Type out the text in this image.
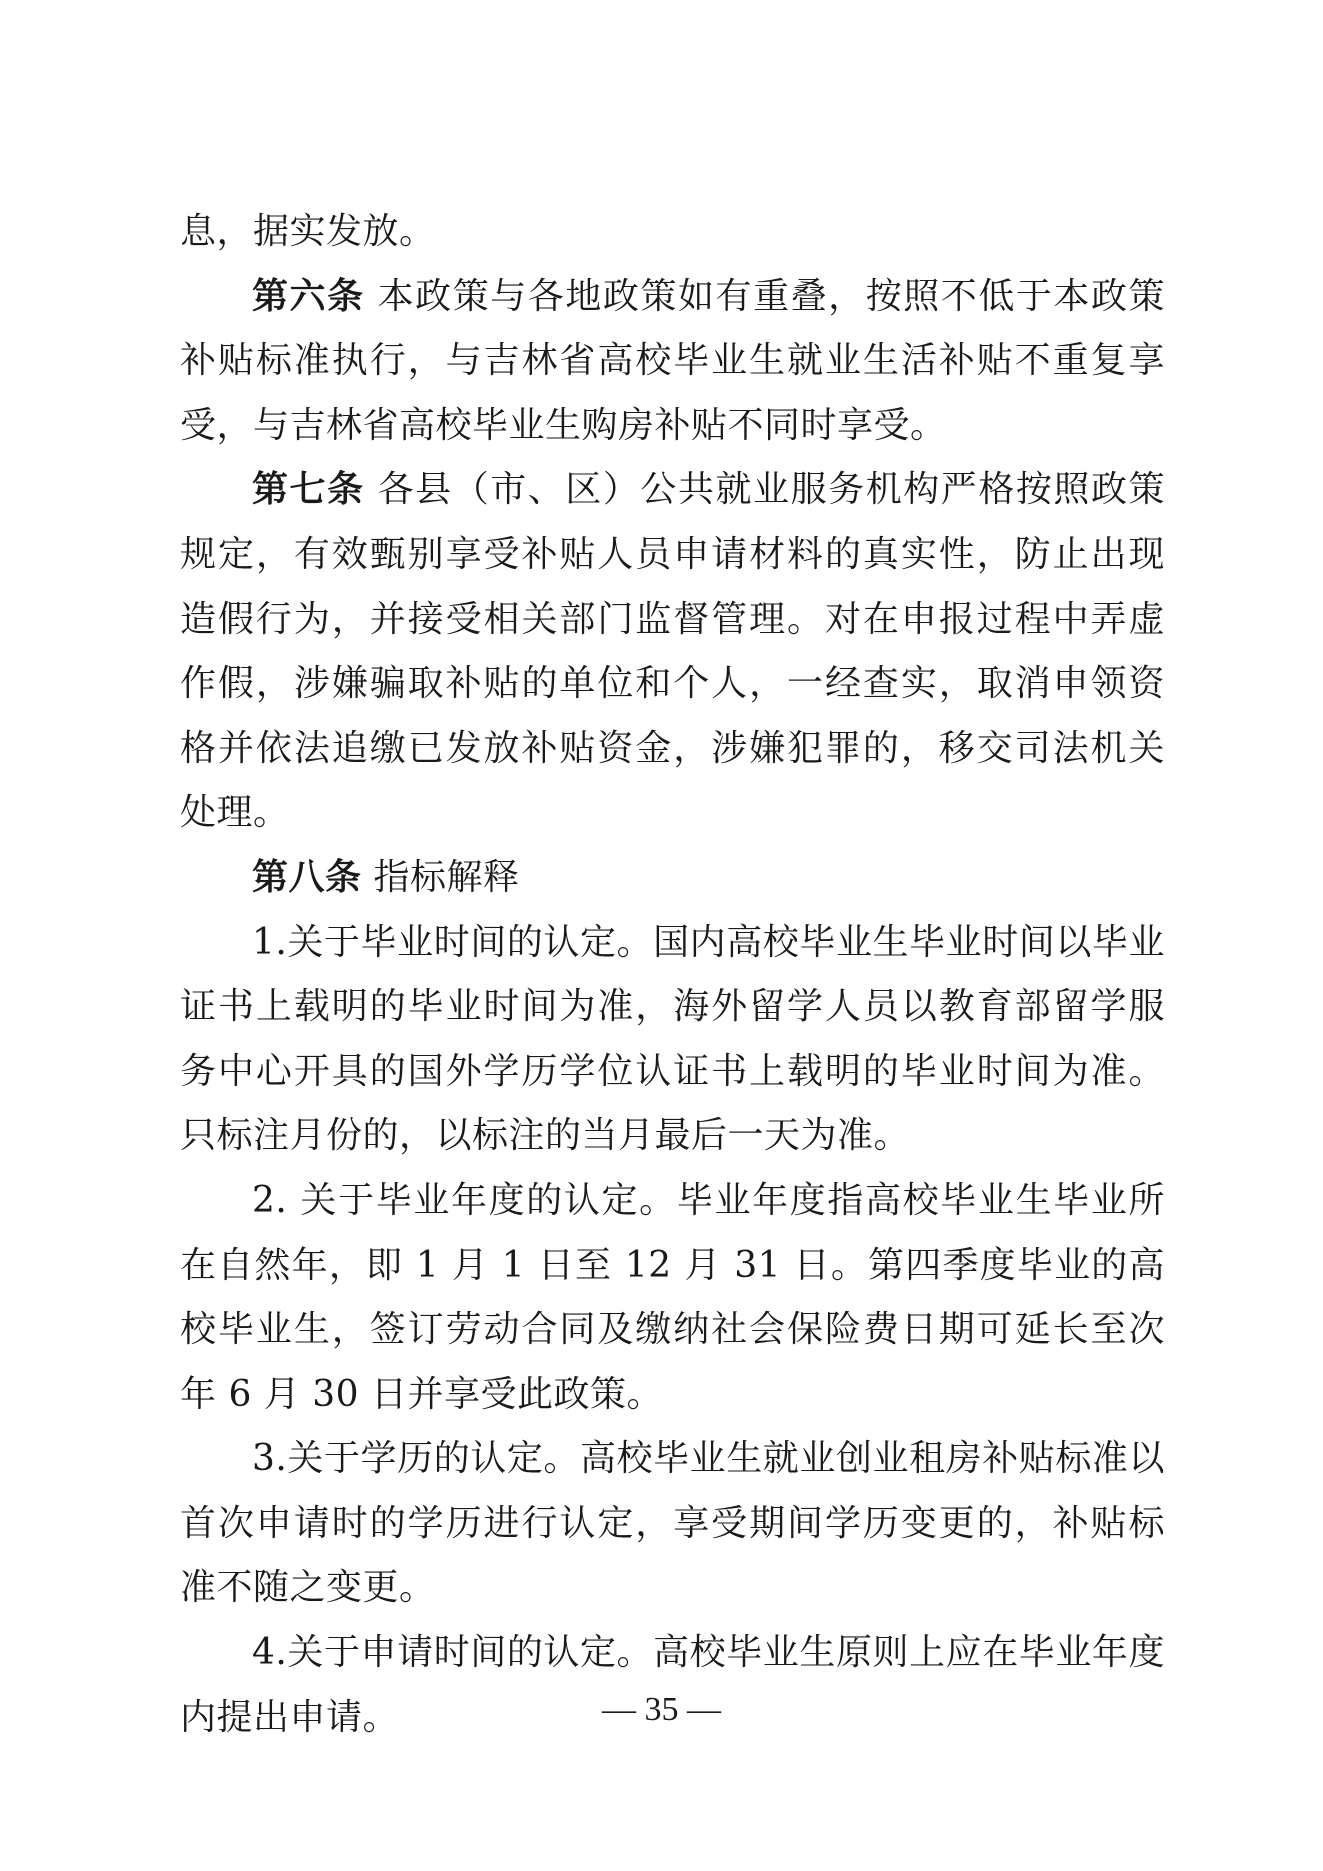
息，据实发放。

第六条 本政策与各地政策如有重叠，按照不低于本政策补贴标准执行，与吉林省高校毕业生就业生活补贴不重复享受，与吉林省高校毕业生购房补贴不同时享受。

第七条 各县（市、区）公共就业服务机构严格按照政策规定，有效甄别享受补贴人员申请材料的真实性，防止出现造假行为，并接受相关部门监督管理。对在申报过程中弄虚作假，涉嫌骗取补贴的单位和个人，一经查实，取消申领资格并依法追缴已发放补贴资金，涉嫌犯罪的，移交司法机关处理。

第八条 指标解释

1.关于毕业时间的认定。国内高校毕业生毕业时间以毕业证书上载明的毕业时间为准，海外留学人员以教育部留学服务中心开具的国外学历学位认证书上载明的毕业时间为准。只标注月份的，以标注的当月最后一天为准。

2. 关于毕业年度的认定。毕业年度指高校毕业生毕业所在自然年，即 1 月 1 日至 12 月 31 日。第四季度毕业的高校毕业生，签订劳动合同及缴纳社会保险费日期可延长至次年 6 月 30 日并享受此政策。

3.关于学历的认定。高校毕业生就业创业租房补贴标准以首次申请时的学历进行认定，享受期间学历变更的，补贴标准不随之变更。

4.关于申请时间的认定。高校毕业生原则上应在毕业年度内提出申请。	— 35 —
